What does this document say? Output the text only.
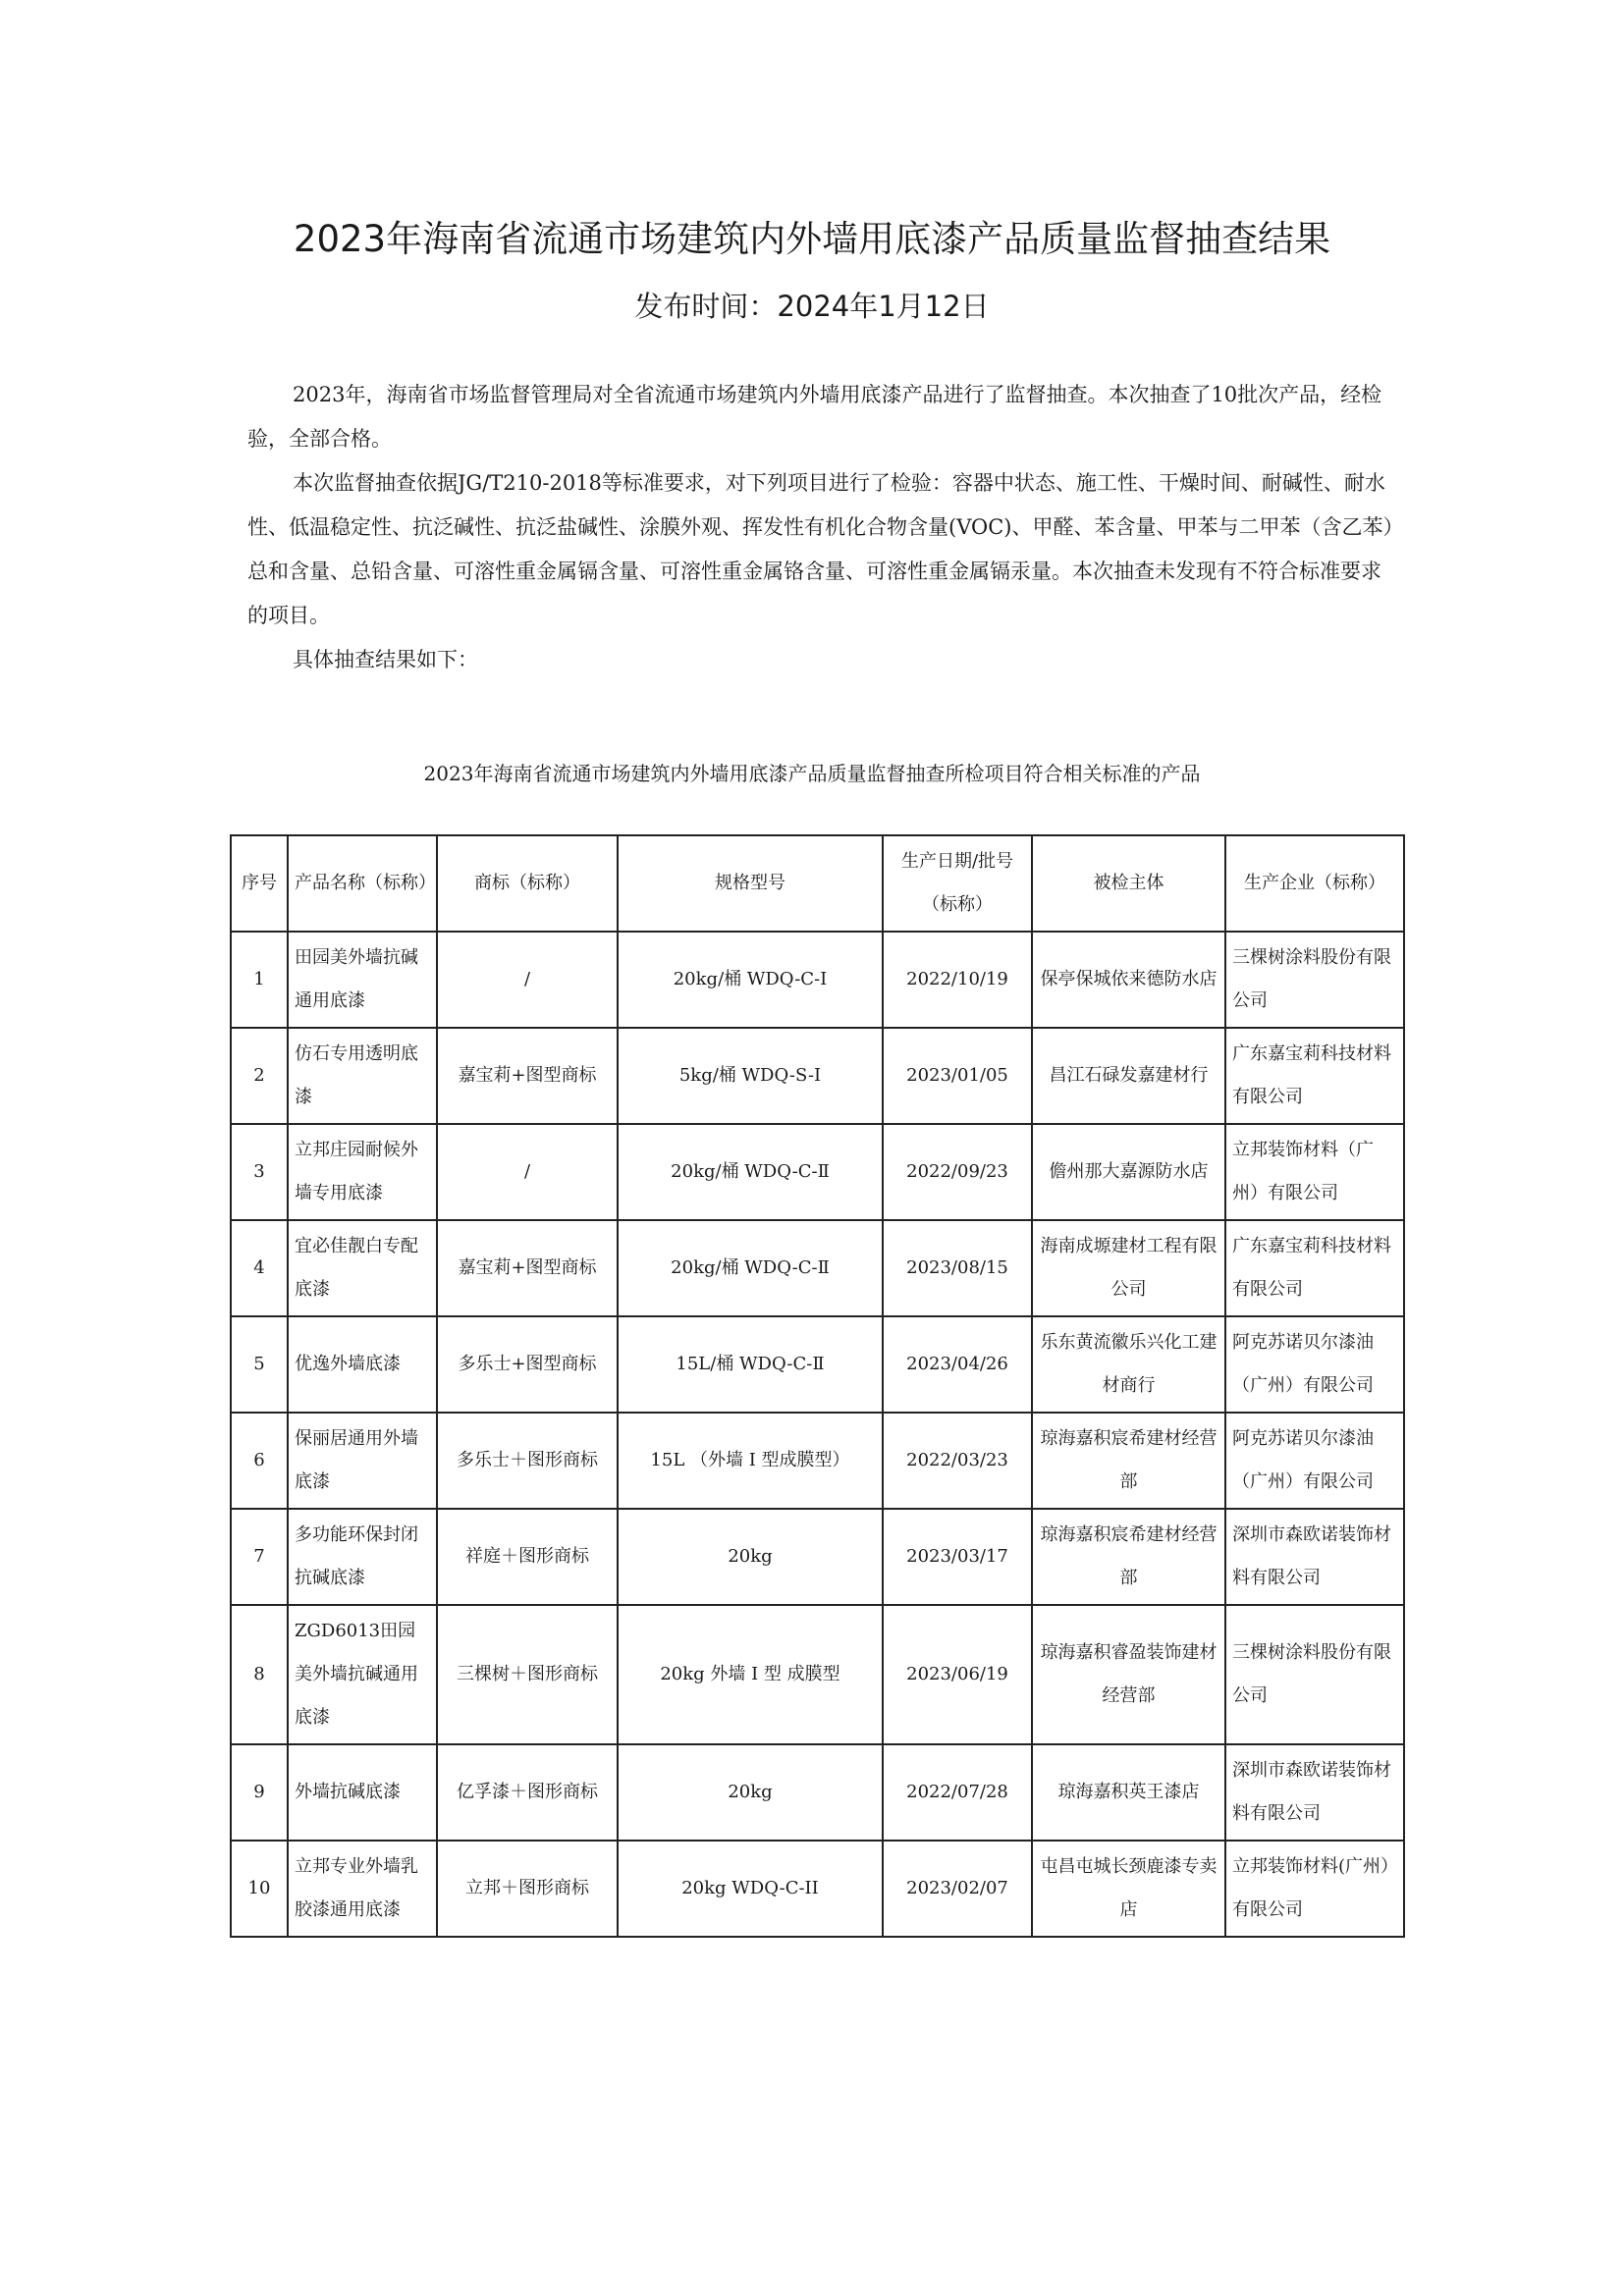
2023年海南省流通市场建筑内外墙用底漆产品质量监督抽查结果
发布时间：2024年1月12日

2023年，海南省市场监督管理局对全省流通市场建筑内外墙用底漆产品进行了监督抽查。本次抽查了10批次产品，经检验，全部合格。

本次监督抽查依据JG/T210-2018等标准要求，对下列项目进行了检验：容器中状态、施工性、干燥时间、耐碱性、耐水性、低温稳定性、抗泛碱性、抗泛盐碱性、涂膜外观、挥发性有机化合物含量(VOC)、甲醛、苯含量、甲苯与二甲苯（含乙苯）总和含量、总铅含量、可溶性重金属镉含量、可溶性重金属铬含量、可溶性重金属镉汞量。本次抽查未发现有不符合标准要求的项目。

具体抽查结果如下：

2023年海南省流通市场建筑内外墙用底漆产品质量监督抽查所检项目符合相关标准的产品
序号	产品名称（标称）	商标（标称）	规格型号	生产日期/批号（标称）	被检主体	生产企业（标称）
1	田园美外墙抗碱通用底漆	/	20kg/桶 WDQ-C-Ⅰ	2022/10/19	保亭保城依来德防水店	三棵树涂料股份有限公司
2	仿石专用透明底漆	嘉宝莉+图型商标	5kg/桶 WDQ-S-Ⅰ	2023/01/05	昌江石碌发嘉建材行	广东嘉宝莉科技材料有限公司
3	立邦庄园耐候外墙专用底漆	/	20kg/桶 WDQ-C-Ⅱ	2022/09/23	儋州那大嘉源防水店	立邦装饰材料（广州）有限公司
4	宜必佳靓白专配底漆	嘉宝莉+图型商标	20kg/桶 WDQ-C-Ⅱ	2023/08/15	海南成塬建材工程有限公司	广东嘉宝莉科技材料有限公司
5	优逸外墙底漆	多乐士+图型商标	15L/桶 WDQ-C-Ⅱ	2023/04/26	乐东黄流徽乐兴化工建材商行	阿克苏诺贝尔漆油（广州）有限公司
6	保丽居通用外墙底漆	多乐士＋图形商标	15L （外墙 Ⅰ 型成膜型）	2022/03/23	琼海嘉积宸希建材经营部	阿克苏诺贝尔漆油（广州）有限公司
7	多功能环保封闭抗碱底漆	祥庭＋图形商标	20kg	2023/03/17	琼海嘉积宸希建材经营部	深圳市森欧诺装饰材料有限公司
8	ZGD6013田园美外墙抗碱通用底漆	三棵树＋图形商标	20kg 外墙 Ⅰ 型 成膜型	2023/06/19	琼海嘉积睿盈装饰建材经营部	三棵树涂料股份有限公司
9	外墙抗碱底漆	亿孚漆＋图形商标	20kg	2022/07/28	琼海嘉积英王漆店	深圳市森欧诺装饰材料有限公司
10	立邦专业外墙乳胶漆通用底漆	立邦＋图形商标	20kg WDQ-C-II	2023/02/07	屯昌屯城长颈鹿漆专卖店	立邦装饰材料(广州）有限公司
